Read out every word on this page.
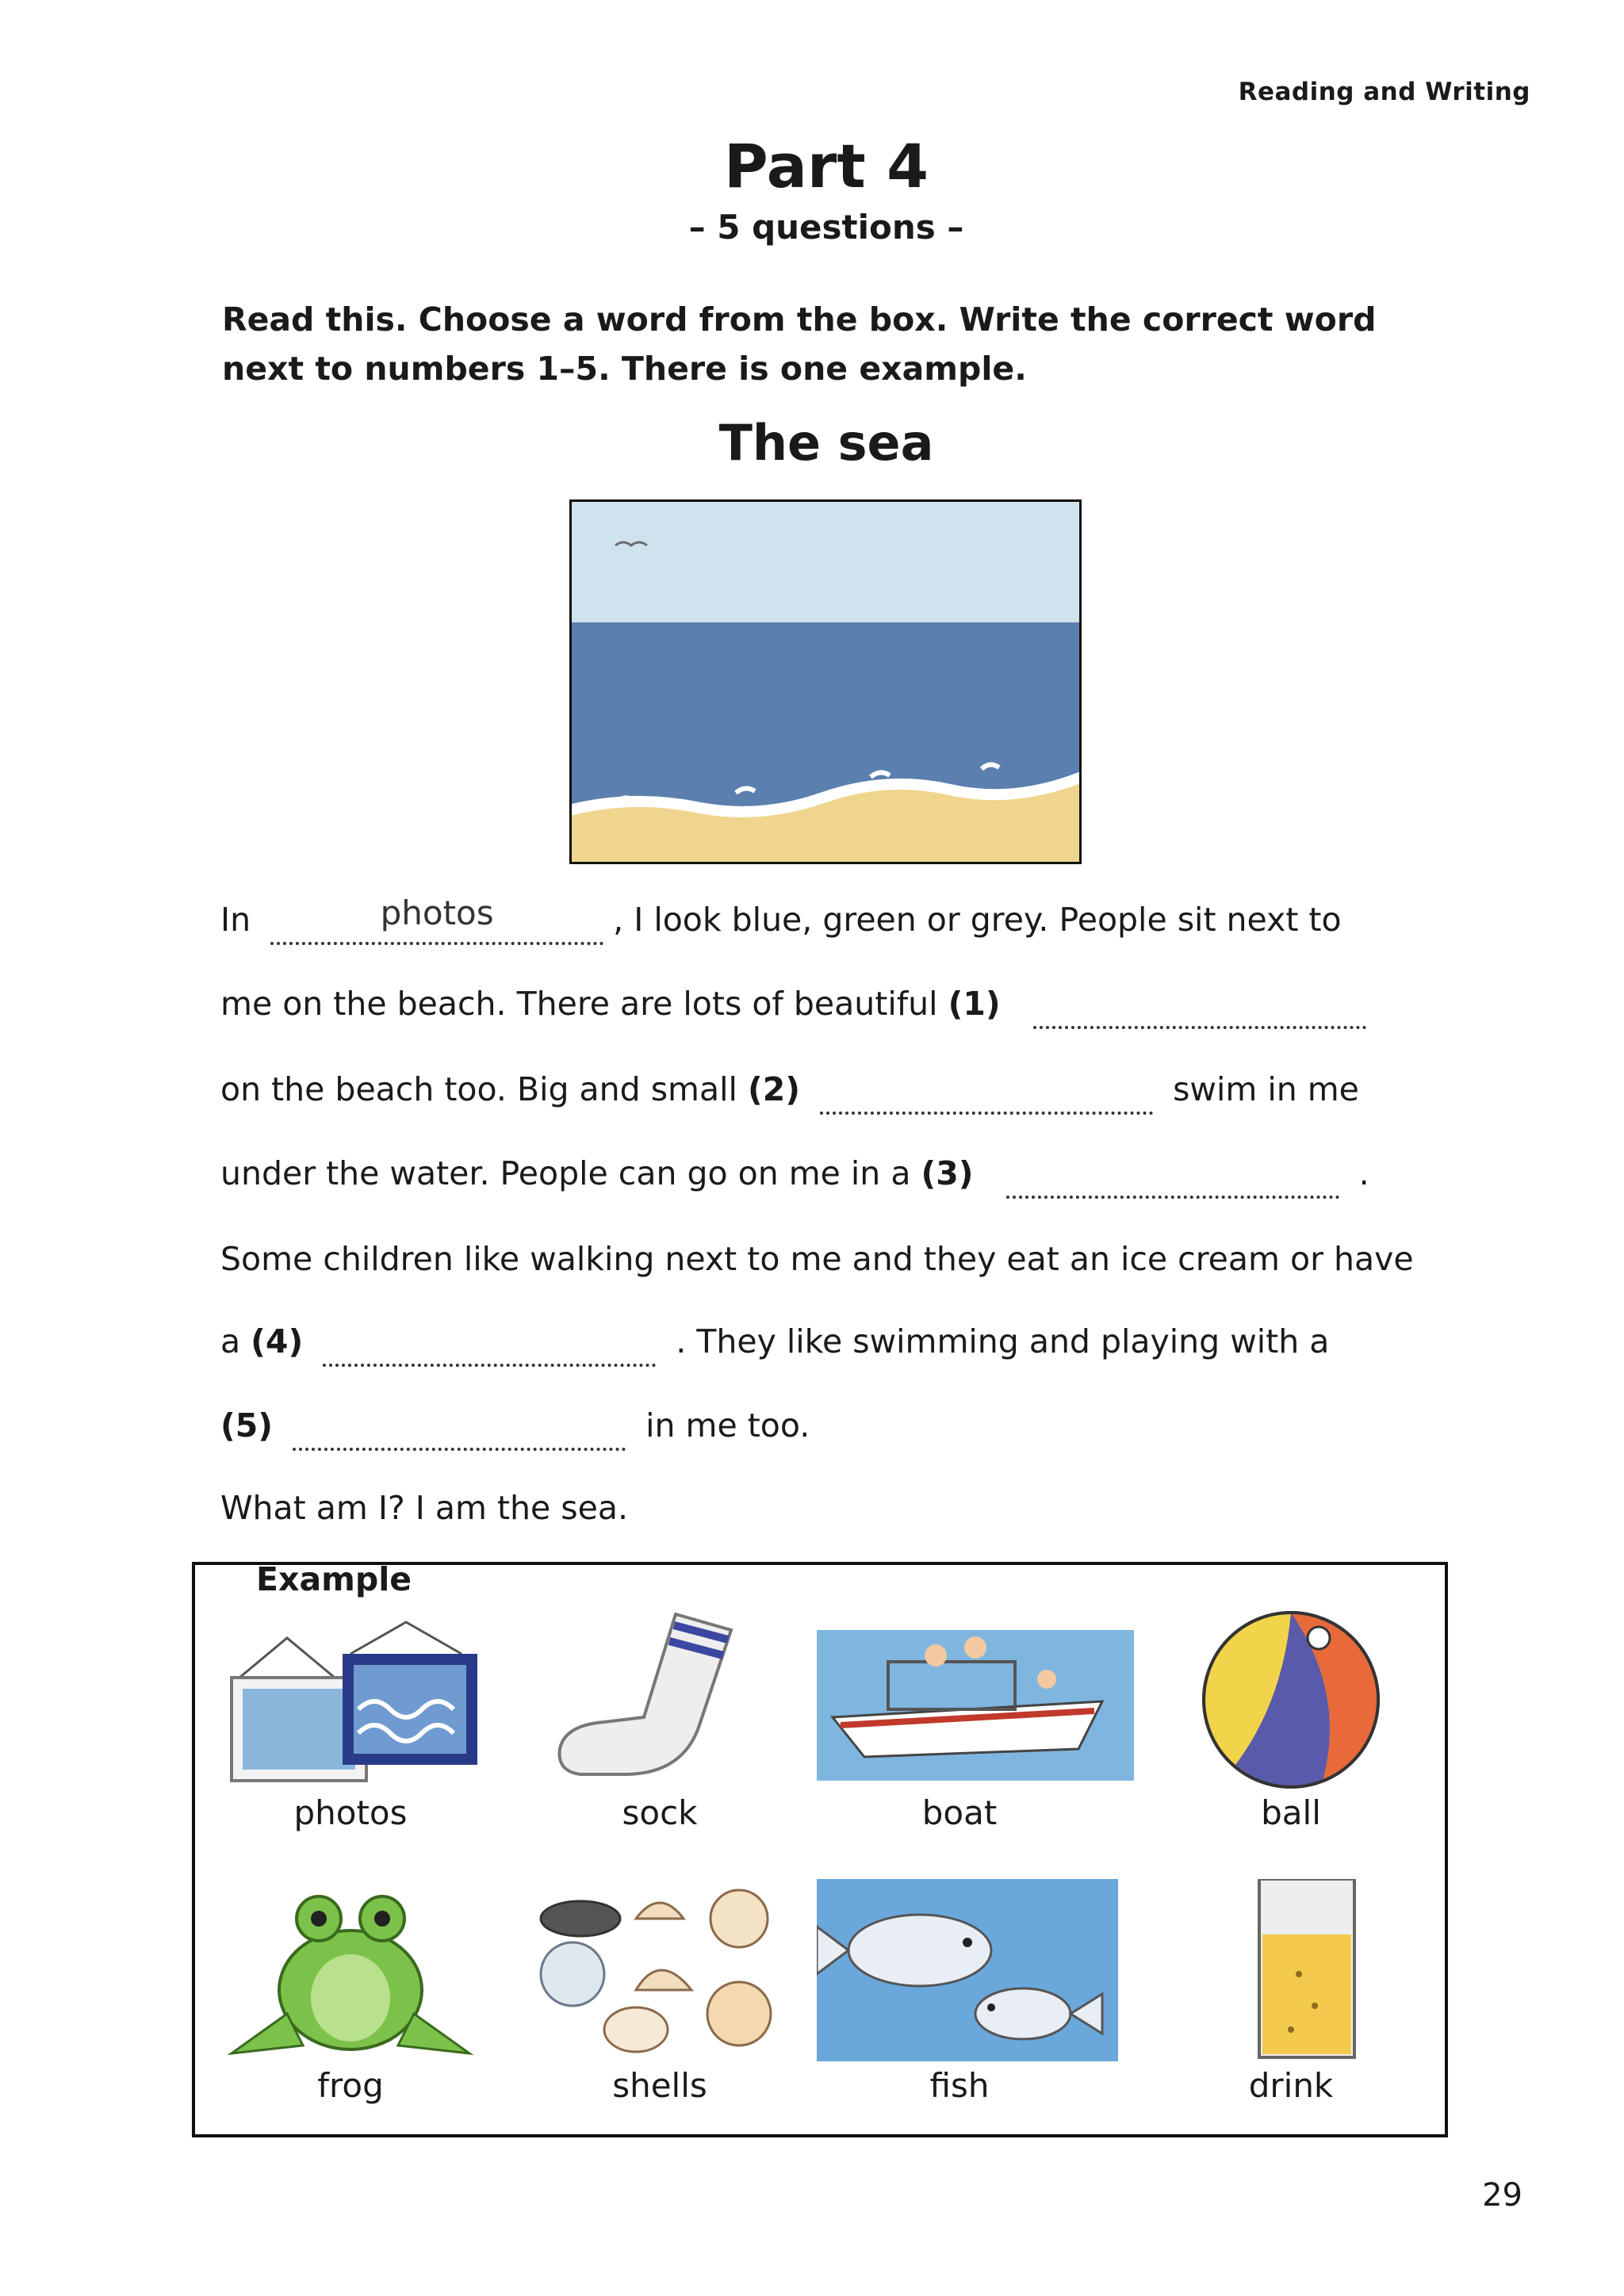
Reading and Writing
Part 4
– 5 questions –
Read this. Choose a word from the box. Write the correct word next to numbers 1–5. There is one example.
The sea
In	photos	, I look blue, green or grey. People sit next to
me on the beach. There are lots of beautiful (1)
on the beach too. Big and small (2)	swim in me
under the water. People can go on me in a (3)	.
Some children like walking next to me and they eat an ice cream or have
a (4)	. They like swimming and playing with a
(5)	in me too.
What am I? I am the sea.
Example
photos	sock	boat	ball
frog	shells	fish	drink
29
